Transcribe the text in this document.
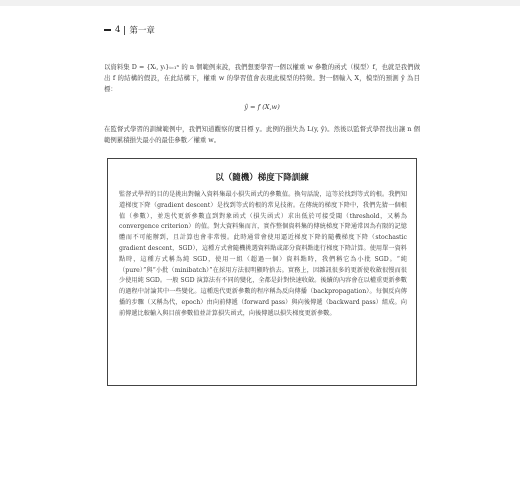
4 第一章
以資料集 D = {Xᵢ, yᵢ}ᵢ₌₁ⁿ 的 n 個範例來說，我們想要學習一個以權重 w 參數的函式（模型）f，也就是我們做出 f 的結構的假設，在此結構下，權重 w 的學習值會表現此模型的特徵。對一個輸入 X，模型的預測 ŷ 為目標：
ŷ = f (X,w)
在監督式學習的訓練範例中，我們知道觀察的實目標 y。此例的損失為 L(y, ŷ)。然後以監督式學習找出讓 n 個範例累積損失最小的最佳參數／權重 w。
以（隨機）梯度下降訓練
監督式學習的目的是挑出對輸入資料集最小損失函式的參數值。換句話說，這等於找到等式的根。我們知道梯度下降（gradient descent）是找到等式的根的常見技術。在傳統的梯度下降中，我們先猜一個根值（參數），並迭代更新參數直到對象函式（損失函式）求出低於可接受閾（threshold，又稱為 convergence criterion）的值。對大資料集而言，實作整個資料集的傳統梯度下降通常因為有限的記憶體而不可能辦到，且計算也會非常慢。此時通常會使用逼近梯度下降的隨機梯度下降（stochastic gradient descent，SGD），這種方式會隨機挑選資料點或部分資料點進行梯度下降計算。使用單一資料點時，這種方式稱為純 SGD，使用一組（超過一個）資料點時，我們稱它為小批 SGD。“純（pure）”與“小批（minibatch）”在採用方法很明顯時捨去。實務上，因雜訊很多的更新使收斂很慢而很少使用純 SGD。一般 SGD 演算法有不同的變化，全都是針對快速收斂。後續的內容會在以權重更新參數的過程中討論其中一些變化。這種迭代更新參數的程序稱為反向傳播（backpropagation）。每個反向傳播的步驟（又稱為代，epoch）由向前傳遞（forward pass）與向後傳遞（backward pass）組成。向前傳遞比較輸入與目前參數值並計算損失函式，向後傳遞以損失梯度更新參數。
